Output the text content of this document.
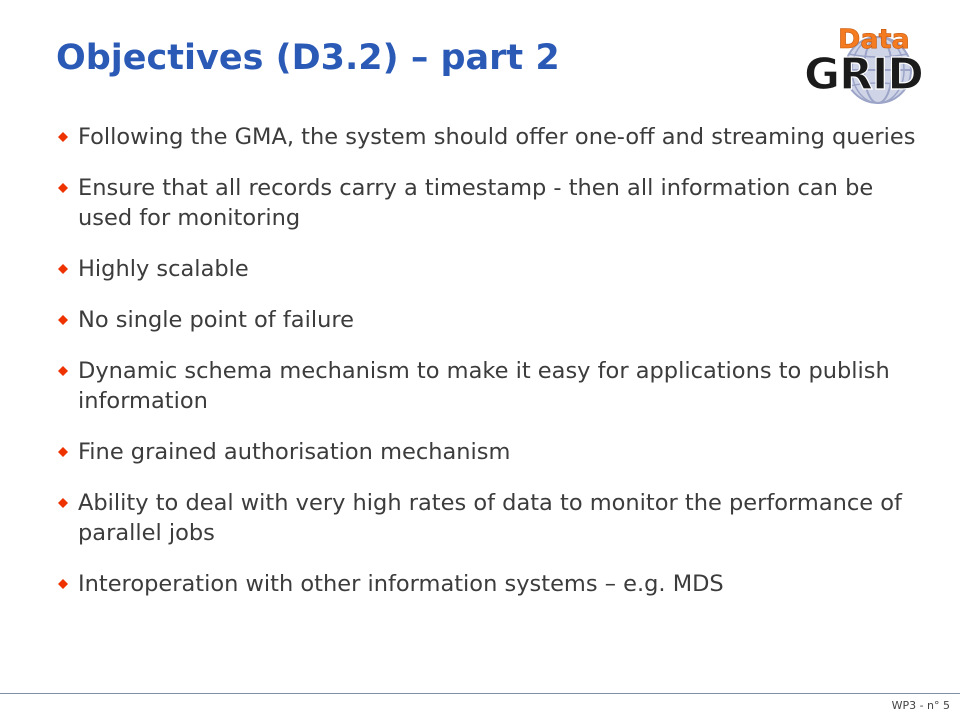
Objectives (D3.2) – part 2	Data
GRID
Following the GMA, the system should offer one-off and streaming queries
Ensure that all records carry a timestamp - then all information can be used for monitoring
Highly scalable
No single point of failure
Dynamic schema mechanism to make it easy for applications to publish information
Fine grained authorisation mechanism
Ability to deal with very high rates of data to monitor the performance of parallel jobs
Interoperation with other information systems – e.g. MDS
WP3 - n° 5
